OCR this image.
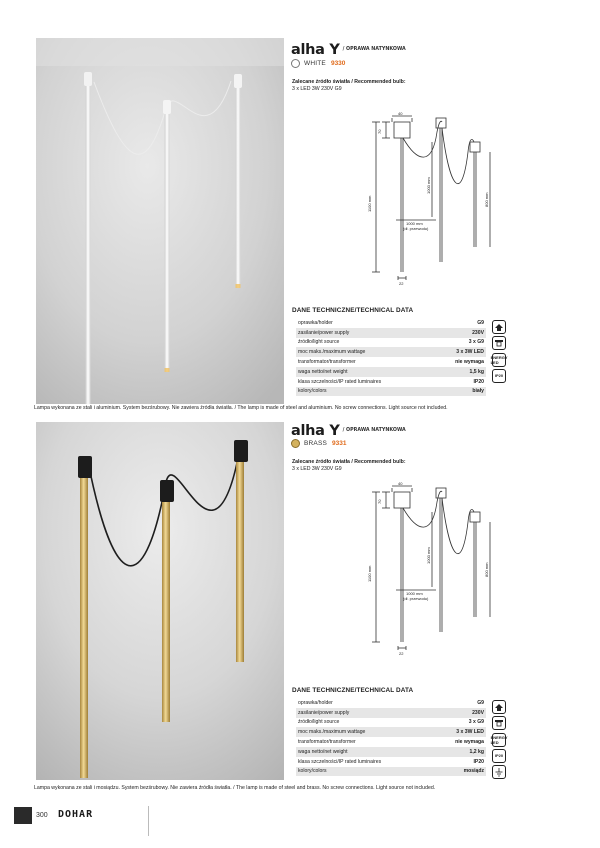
alha Y / OPRAWA NATYNKOWA
WHITE 9330
Zalecane źródło światła / Recommended bulb:
3 x LED 3W 230V G9
40
70
1100 mm
1000 mm
800 mm
1000 mm
(dł. przewodu)
22
DANE TECHNICZNE/TECHNICAL DATA
oprawka/holder	G9
zasilanie/power supply	230V
źródło/light source	3 x G9
moc maks./maximum wattage	3 x 3W LED
transformator/transformer	nie wymaga
waga netto/net weight	1,5 kg
klasa szczelności/IP rated luminaires	IP20
kolory/colors	biały
ENERGY LED
IP20
Lampa wykonana ze stali i aluminium. System bezśrubowy. Nie zawiera źródła światła. / The lamp is made of steel and aluminium. No screw connections. Light source not included.
alha Y / OPRAWA NATYNKOWA
BRASS 9331
Zalecane źródło światła / Recommended bulb:
3 x LED 3W 230V G9
40
70
1100 mm
1000 mm
800 mm
1000 mm
(dł. przewodu)
22
DANE TECHNICZNE/TECHNICAL DATA
oprawka/holder	G9
zasilanie/power supply	230V
źródło/light source	3 x G9
moc maks./maximum wattage	3 x 3W LED
transformator/transformer	nie wymaga
waga netto/net weight	1,2 kg
klasa szczelności/IP rated luminaires	IP20
kolory/colors	mosiądz
ENERGY LED
IP20
Lampa wykonana ze stali i mosiądzu. System bezśrubowy. Nie zawiera źródła światła. / The lamp is made of steel and brass. No screw connections. Light source not included.
300 DOHAR
